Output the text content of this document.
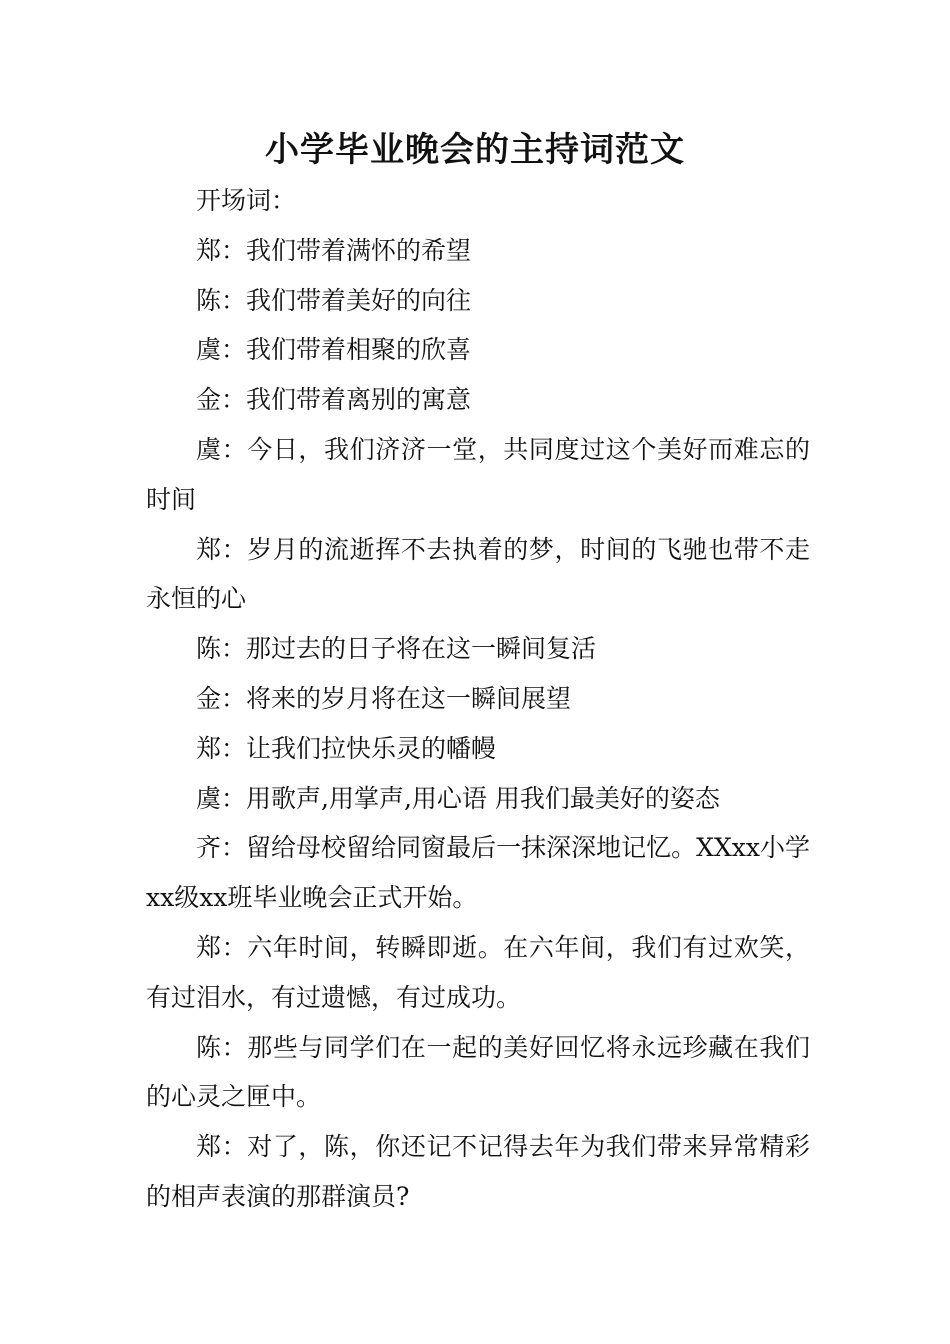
小学毕业晚会的主持词范文

开场词：

郑：我们带着满怀的希望

陈：我们带着美好的向往

虞：我们带着相聚的欣喜

金：我们带着离别的寓意

虞：今日，我们济济一堂，共同度过这个美好而难忘的时间

郑：岁月的流逝挥不去执着的梦，时间的飞驰也带不走永恒的心

陈：那过去的日子将在这一瞬间复活

金：将来的岁月将在这一瞬间展望

郑：让我们拉快乐灵的幡幔

虞：用歌声,用掌声,用心语 用我们最美好的姿态

齐：留给母校留给同窗最后一抹深深地记忆。XXxx小学xx级xx班毕业晚会正式开始。

郑：六年时间，转瞬即逝。在六年间，我们有过欢笑，有过泪水，有过遗憾，有过成功。

陈：那些与同学们在一起的美好回忆将永远珍藏在我们的心灵之匣中。

郑：对了，陈，你还记不记得去年为我们带来异常精彩的相声表演的那群演员?
